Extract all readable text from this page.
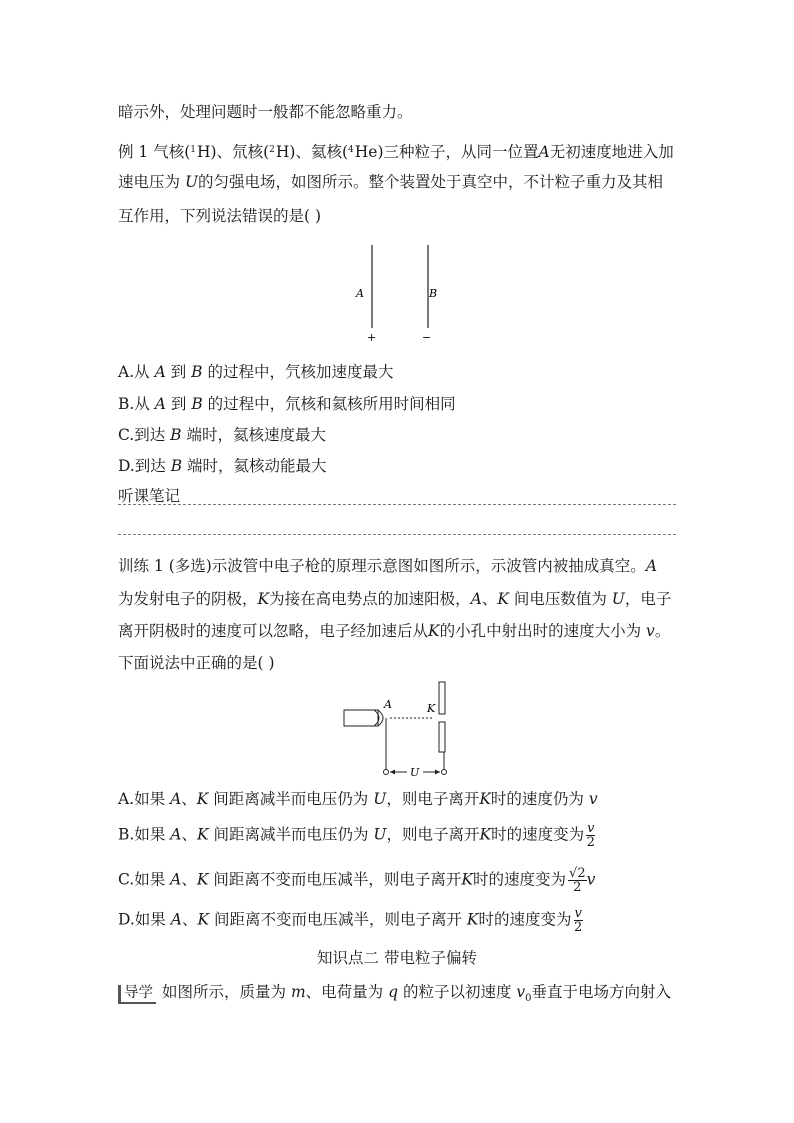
暗示外，处理问题时一般都不能忽略重力。
例 1 气核($^1$H)、氘核($^2$H)、氦核($^4$He)三种粒子，从同一位置A无初速度地进入加
速电压为 U的匀强电场，如图所示。整个装置处于真空中，不计粒子重力及其相
互作用，下列说法错误的是( )
A	B
+	−
A.从 A 到 B 的过程中，氕核加速度最大
B.从 A 到 B 的过程中，氘核和氦核所用时间相同
C.到达 B 端时，氦核速度最大
D.到达 B 端时，氦核动能最大
听课笔记
训练 1 (多选)示波管中电子枪的原理示意图如图所示，示波管内被抽成真空。A
为发射电子的阴极，K为接在高电势点的加速阳极，A、K 间电压数值为 U，电子
离开阴极时的速度可以忽略，电子经加速后从K的小孔中射出时的速度大小为 v。
下面说法中正确的是( )
A	K
U
A.如果 A、K 间距离减半而电压仍为 U，则电子离开K时的速度仍为 v
B.如果 A、K 间距离减半而电压仍为 U，则电子离开K时的速度变为 $\frac{v}{2}$
C.如果 A、K 间距离不变而电压减半，则电子离开K时的速度变为 $\frac{√2}{2}$ v
D.如果 A、K 间距离不变而电压减半，则电子离开 K时的速度变为 $\frac{v}{2}$
知识点二 带电粒子偏转
导学 如图所示，质量为 m、电荷量为 q 的粒子以初速度 $v_0$垂直于电场方向射入
